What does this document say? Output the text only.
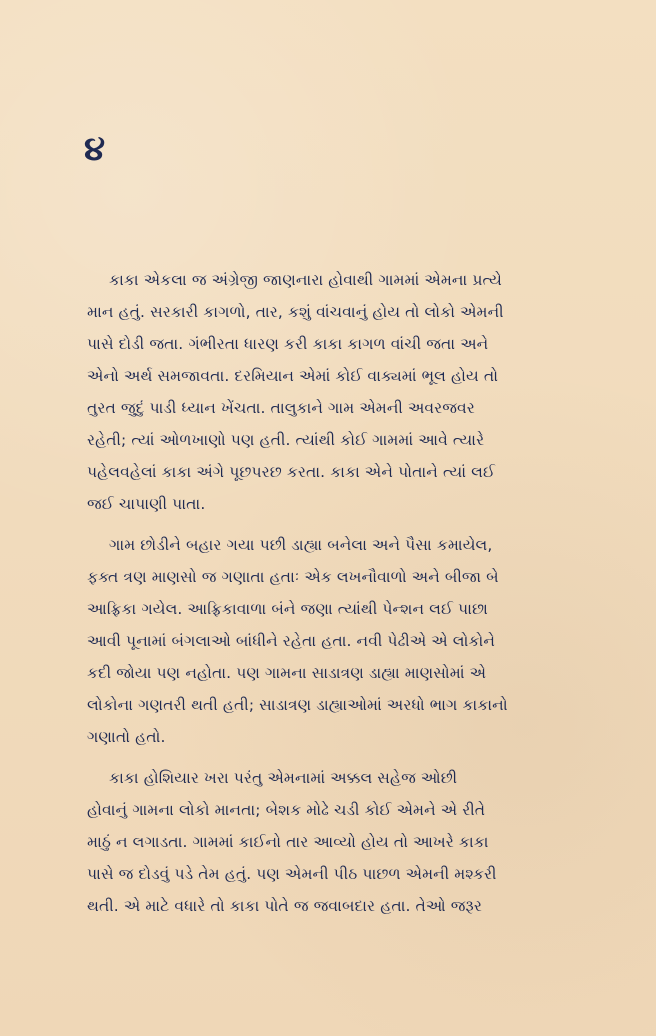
૪
કાકા એકલા જ અંગ્રેજી જાણનારા હોવાથી ગામમાં એમના પ્રત્યે
માન હતું. સરકારી કાગળો, તાર, કશું વાંચવાનું હોય તો લોકો એમની
પાસે દોડી જતા. ગંભીરતા ધારણ કરી કાકા કાગળ વાંચી જતા અને
એનો અર્થ સમજાવતા. દરમિયાન એમાં કોઈ વાક્યમાં ભૂલ હોય તો
તુરત જુદું પાડી ધ્યાન ખેંચતા. તાલુકાને ગામ એમની અવરજવર
રહેતી; ત્યાં ઓળખાણો પણ હતી. ત્યાંથી કોઈ ગામમાં આવે ત્યારે
પહેલવહેલાં કાકા અંગે પૂછપરછ કરતા. કાકા એને પોતાને ત્યાં લઈ
જઈ ચાપાણી પાતા.
ગામ છોડીને બહાર ગયા પછી ડાહ્યા બનેલા અને પૈસા કમાયેલ,
ફક્ત ત્રણ માણસો જ ગણાતા હતાઃ એક લખનૌવાળો અને બીજા બે
આફ્રિકા ગયેલ. આફ્રિકાવાળા બંને જણા ત્યાંથી પેન્શન લઈ પાછા
આવી પૂનામાં બંગલાઓ બાંધીને રહેતા હતા. નવી પેઢીએ એ લોકોને
કદી જોયા પણ નહોતા. પણ ગામના સાડાત્રણ ડાહ્યા માણસોમાં એ
લોકોના ગણતરી થતી હતી; સાડાત્રણ ડાહ્યાઓમાં અરધો ભાગ કાકાનો
ગણાતો હતો.
કાકા હોશિયાર ખરા પરંતુ એમનામાં અક્કલ સહેજ ઓછી
હોવાનું ગામના લોકો માનતા; બેશક મોઢે ચડી કોઈ એમને એ રીતે
માઠું ન લગાડતા. ગામમાં કાઈનો તાર આવ્યો હોય તો આખરે કાકા
પાસે જ દોડવું પડે તેમ હતું. પણ એમની પીઠ પાછળ એમની મશ્કરી
થતી. એ માટે વધારે તો કાકા પોતે જ જવાબદાર હતા. તેઓ જરૂર
